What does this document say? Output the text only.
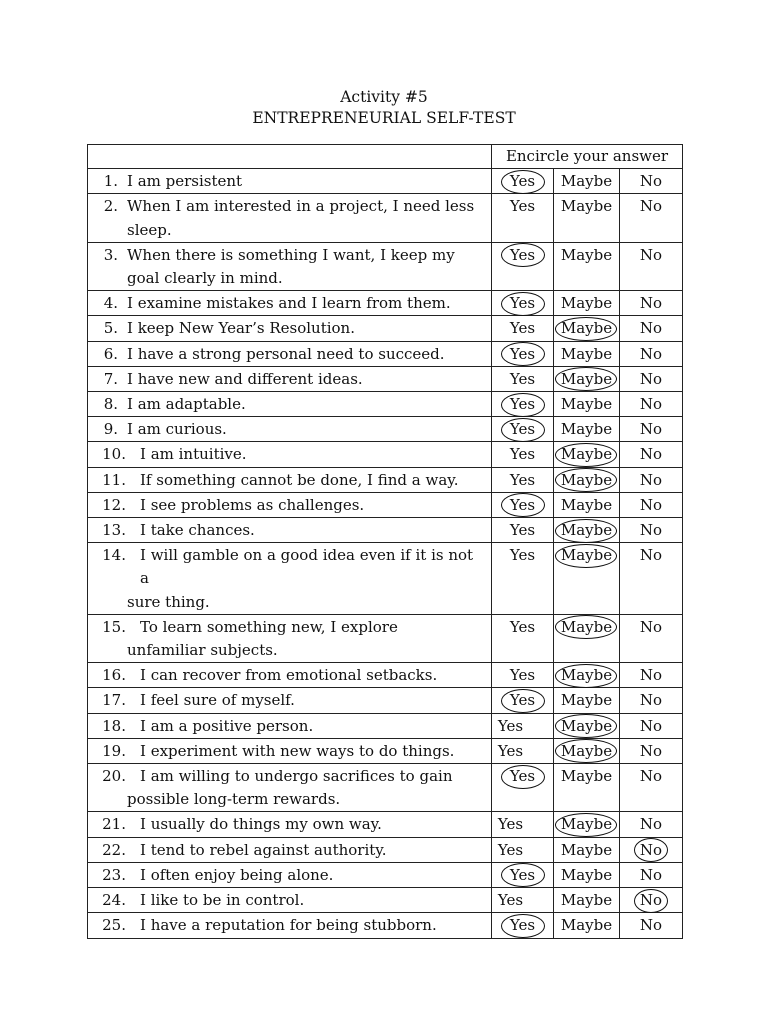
Activity #5
ENTREPRENEURIAL SELF-TEST
	Encircle your answer		

1. I am persistent	Yes	Maybe	No

2. When I am interested in a project, I need less
sleep.	Yes	Maybe	No

3. When there is something I want, I keep my
goal clearly in mind.	Yes	Maybe	No

4. I examine mistakes and I learn from them.	Yes	Maybe	No

5. I keep New Year’s Resolution.	Yes	Maybe	No

6. I have a strong personal need to succeed.	Yes	Maybe	No

7. I have new and different ideas.	Yes	Maybe	No

8. I am adaptable.	Yes	Maybe	No

9. I am curious.	Yes	Maybe	No

10. I am intuitive.	Yes	Maybe	No

11. If something cannot be done, I find a way.	Yes	Maybe	No

12. I see problems as challenges.	Yes	Maybe	No

13. I take chances.	Yes	Maybe	No

14. I will gamble on a good idea even if it is not a
sure thing.	Yes	Maybe	No

15. To learn something new, I explore
unfamiliar subjects.	Yes	Maybe	No

16. I can recover from emotional setbacks.	Yes	Maybe	No

17. I feel sure of myself.	Yes	Maybe	No

18. I am a positive person.	Yes	Maybe	No

19. I experiment with new ways to do things.	Yes	Maybe	No

20. I am willing to undergo sacrifices to gain
possible long-term rewards.	Yes	Maybe	No

21. I usually do things my own way.	Yes	Maybe	No

22. I tend to rebel against authority.	Yes	Maybe	No

23. I often enjoy being alone.	Yes	Maybe	No

24. I like to be in control.	Yes	Maybe	No

25. I have a reputation for being stubborn.	Yes	Maybe	No
